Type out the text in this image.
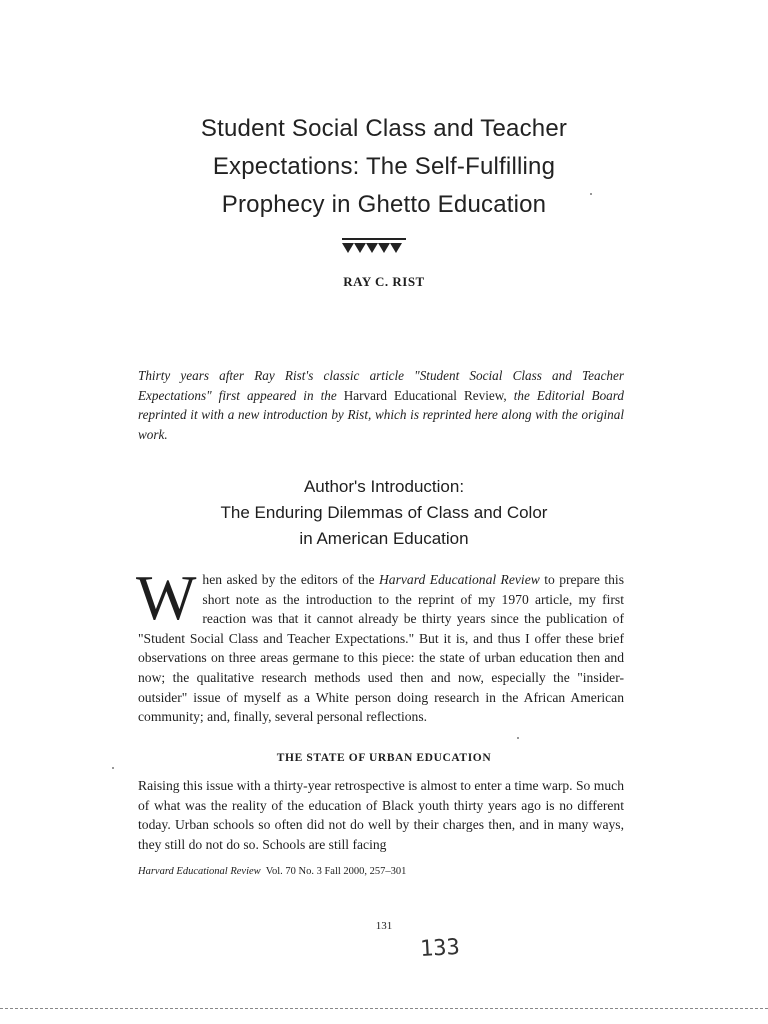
Student Social Class and Teacher
Expectations: The Self-Fulfilling
Prophecy in Ghetto Education
RAY C. RIST

Thirty years after Ray Rist's classic article "Student Social Class and Teacher Expectations" first appeared in the Harvard Educational Review, the Editorial Board reprinted it with a new introduction by Rist, which is reprinted here along with the original work.

Author's Introduction:
The Enduring Dilemmas of Class and Color
in American Education

When asked by the editors of the Harvard Educational Review to prepare this short note as the introduction to the reprint of my 1970 article, my first reaction was that it cannot already be thirty years since the publication of "Student Social Class and Teacher Expectations." But it is, and thus I offer these brief observations on three areas germane to this piece: the state of urban education then and now; the qualitative research methods used then and now, especially the "insider-outsider" issue of myself as a White person doing research in the African American community; and, finally, several personal reflections.

THE STATE OF URBAN EDUCATION

Raising this issue with a thirty-year retrospective is almost to enter a time warp. So much of what was the reality of the education of Black youth thirty years ago is no different today. Urban schools so often did not do well by their charges then, and in many ways, they still do not do so. Schools are still facing

Harvard Educational Review Vol. 70 No. 3 Fall 2000, 257–301
131
133
